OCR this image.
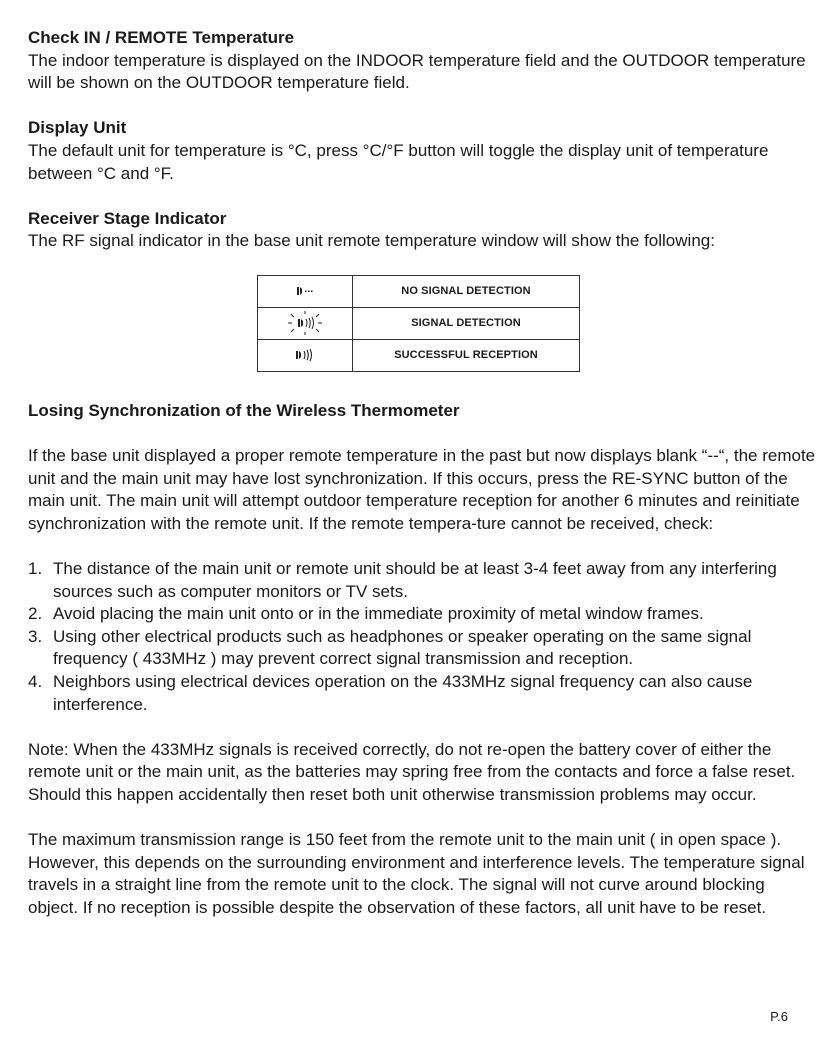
Check IN / REMOTE Temperature

The indoor temperature is displayed on the INDOOR temperature field and the OUTDOOR temperature will be shown on the OUTDOOR temperature field.

Display Unit

The default unit for temperature is °C, press °C/°F button will toggle the display unit of temperature between °C and °F.

Receiver Stage Indicator

The RF signal indicator in the base unit remote temperature window will show the following:

	NO SIGNAL DETECTION

	SIGNAL DETECTION

	SUCCESSFUL RECEPTION

Losing Synchronization of the Wireless Thermometer

If the base unit displayed a proper remote temperature in the past but now displays blank “--“, the remote unit and the main unit may have lost synchronization. If this occurs, press the RE-SYNC button of the main unit. The main unit will attempt outdoor temperature reception for another 6 minutes and reinitiate synchronization with the remote unit. If the remote tempera-ture cannot be received, check:

1. The distance of the main unit or remote unit should be at least 3-4 feet away from any interfering sources such as computer monitors or TV sets.
2. Avoid placing the main unit onto or in the immediate proximity of metal window frames.
3. Using other electrical products such as headphones or speaker operating on the same signal frequency ( 433MHz ) may prevent correct signal transmission and reception.
4. Neighbors using electrical devices operation on the 433MHz signal frequency can also cause interference.

Note: When the 433MHz signals is received correctly, do not re-open the battery cover of either the remote unit or the main unit, as the batteries may spring free from the contacts and force a false reset. Should this happen accidentally then reset both unit otherwise transmission problems may occur.

The maximum transmission range is 150 feet from the remote unit to the main unit ( in open space ). However, this depends on the surrounding environment and interference levels. The temperature signal travels in a straight line from the remote unit to the clock. The signal will not curve around blocking object. If no reception is possible despite the observation of these factors, all unit have to be reset.

P.6
